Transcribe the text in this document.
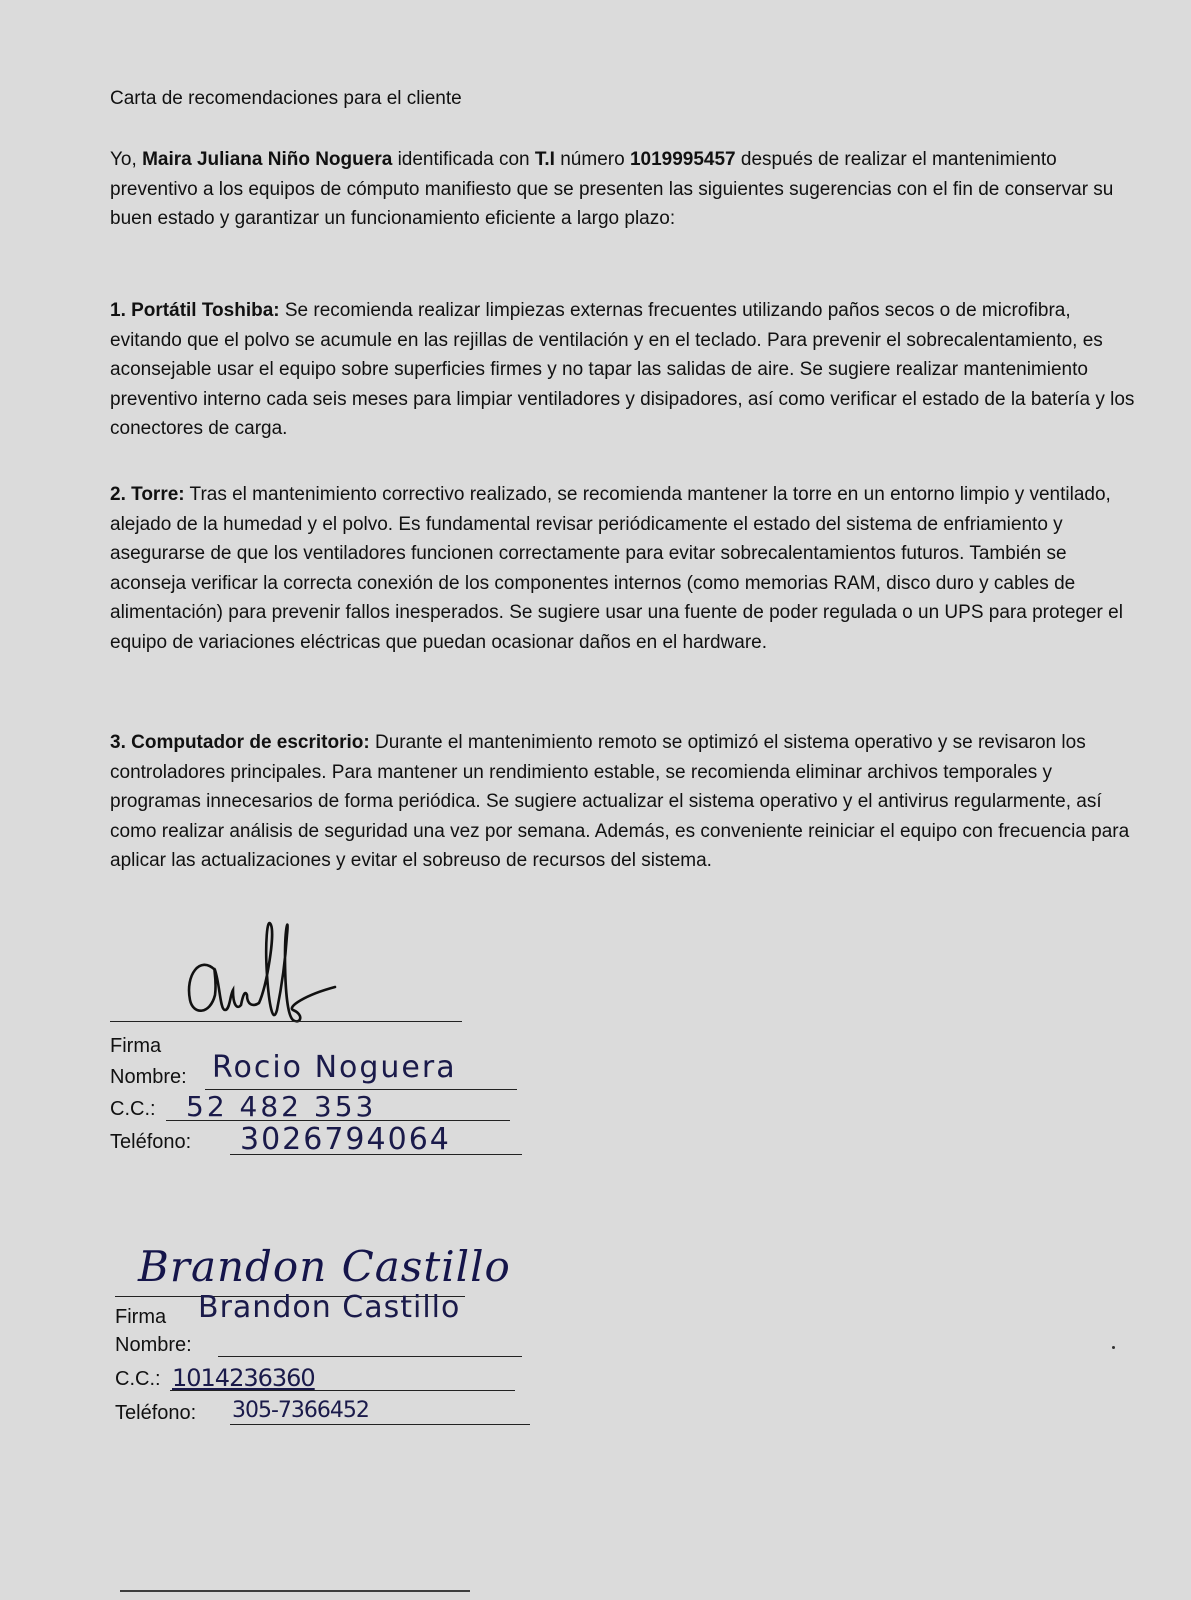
Carta de recomendaciones para el cliente
Yo, Maira Juliana Niño Noguera identificada con T.I número 1019995457 después de realizar el mantenimiento preventivo a los equipos de cómputo manifiesto que se presenten las siguientes sugerencias con el fin de conservar su buen estado y garantizar un funcionamiento eficiente a largo plazo:
1. Portátil Toshiba: Se recomienda realizar limpiezas externas frecuentes utilizando paños secos o de microfibra, evitando que el polvo se acumule en las rejillas de ventilación y en el teclado. Para prevenir el sobrecalentamiento, es aconsejable usar el equipo sobre superficies firmes y no tapar las salidas de aire. Se sugiere realizar mantenimiento preventivo interno cada seis meses para limpiar ventiladores y disipadores, así como verificar el estado de la batería y los conectores de carga.
2. Torre: Tras el mantenimiento correctivo realizado, se recomienda mantener la torre en un entorno limpio y ventilado, alejado de la humedad y el polvo. Es fundamental revisar periódicamente el estado del sistema de enfriamiento y asegurarse de que los ventiladores funcionen correctamente para evitar sobrecalentamientos futuros. También se aconseja verificar la correcta conexión de los componentes internos (como memorias RAM, disco duro y cables de alimentación) para prevenir fallos inesperados. Se sugiere usar una fuente de poder regulada o un UPS para proteger el equipo de variaciones eléctricas que puedan ocasionar daños en el hardware.
3. Computador de escritorio: Durante el mantenimiento remoto se optimizó el sistema operativo y se revisaron los controladores principales. Para mantener un rendimiento estable, se recomienda eliminar archivos temporales y programas innecesarios de forma periódica. Se sugiere actualizar el sistema operativo y el antivirus regularmente, así como realizar análisis de seguridad una vez por semana. Además, es conveniente reiniciar el equipo con frecuencia para aplicar las actualizaciones y evitar el sobreuso de recursos del sistema.
Firma
Nombre: Rocio Noguera
C.C.: 52 482 353
Teléfono: 3026794064
Brandon Castillo
Firma Brandon Castillo
Nombre:
C.C.: 1014236360
Teléfono: 305-7366452
